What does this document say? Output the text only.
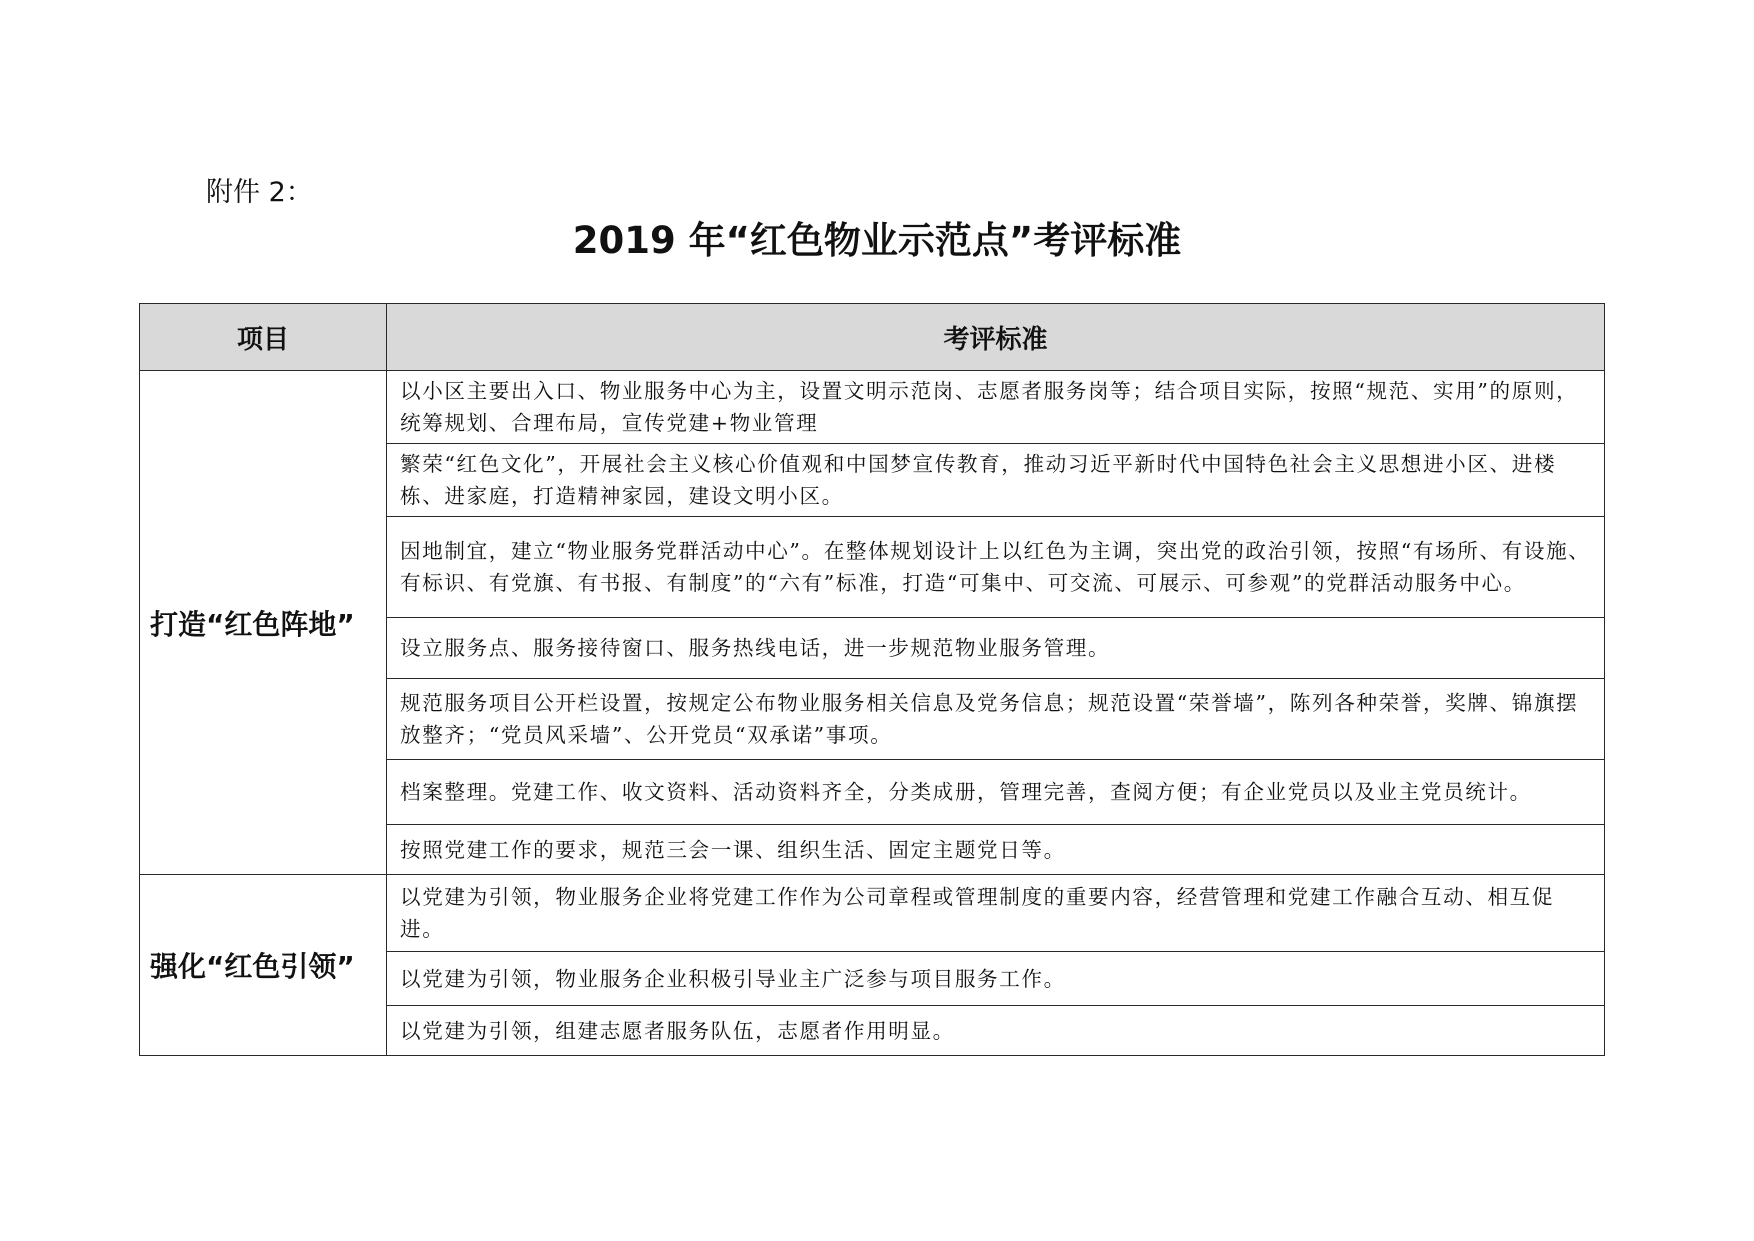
附件 2：
2019 年“红色物业示范点”考评标准
项目	考评标准
打造“红色阵地”	以小区主要出入口、物业服务中心为主，设置文明示范岗、志愿者服务岗等；结合项目实际，按照“规范、实用”的原则，统筹规划、合理布局，宣传党建+物业管理
	繁荣“红色文化”，开展社会主义核心价值观和中国梦宣传教育，推动习近平新时代中国特色社会主义思想进小区、进楼栋、进家庭，打造精神家园，建设文明小区。
	因地制宜，建立“物业服务党群活动中心”。在整体规划设计上以红色为主调，突出党的政治引领，按照“有场所、有设施、有标识、有党旗、有书报、有制度”的“六有”标准，打造“可集中、可交流、可展示、可参观”的党群活动服务中心。
	设立服务点、服务接待窗口、服务热线电话，进一步规范物业服务管理。
	规范服务项目公开栏设置，按规定公布物业服务相关信息及党务信息；规范设置“荣誉墙”，陈列各种荣誉，奖牌、锦旗摆放整齐；“党员风采墙”、公开党员“双承诺”事项。
	档案整理。党建工作、收文资料、活动资料齐全，分类成册，管理完善，查阅方便；有企业党员以及业主党员统计。
	按照党建工作的要求，规范三会一课、组织生活、固定主题党日等。
强化“红色引领”	以党建为引领，物业服务企业将党建工作作为公司章程或管理制度的重要内容，经营管理和党建工作融合互动、相互促进。
	以党建为引领，物业服务企业积极引导业主广泛参与项目服务工作。
	以党建为引领，组建志愿者服务队伍，志愿者作用明显。
